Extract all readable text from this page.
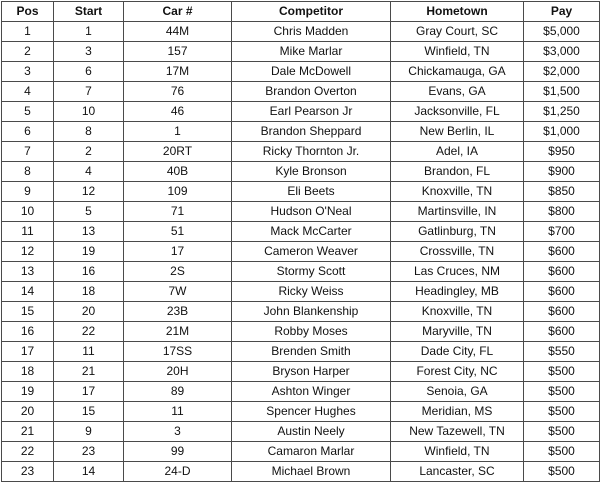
Pos	Start	Car #	Competitor	Hometown	Pay
1	1	44M	Chris Madden	Gray Court, SC	$5,000
2	3	157	Mike Marlar	Winfield, TN	$3,000
3	6	17M	Dale McDowell	Chickamauga, GA	$2,000
4	7	76	Brandon Overton	Evans, GA	$1,500
5	10	46	Earl Pearson Jr	Jacksonville, FL	$1,250
6	8	1	Brandon Sheppard	New Berlin, IL	$1,000
7	2	20RT	Ricky Thornton Jr.	Adel, IA	$950
8	4	40B	Kyle Bronson	Brandon, FL	$900
9	12	109	Eli Beets	Knoxville, TN	$850
10	5	71	Hudson O'Neal	Martinsville, IN	$800
11	13	51	Mack McCarter	Gatlinburg, TN	$700
12	19	17	Cameron Weaver	Crossville, TN	$600
13	16	2S	Stormy Scott	Las Cruces, NM	$600
14	18	7W	Ricky Weiss	Headingley, MB	$600
15	20	23B	John Blankenship	Knoxville, TN	$600
16	22	21M	Robby Moses	Maryville, TN	$600
17	11	17SS	Brenden Smith	Dade City, FL	$550
18	21	20H	Bryson Harper	Forest City, NC	$500
19	17	89	Ashton Winger	Senoia, GA	$500
20	15	11	Spencer Hughes	Meridian, MS	$500
21	9	3	Austin Neely	New Tazewell, TN	$500
22	23	99	Camaron Marlar	Winfield, TN	$500
23	14	24-D	Michael Brown	Lancaster, SC	$500
